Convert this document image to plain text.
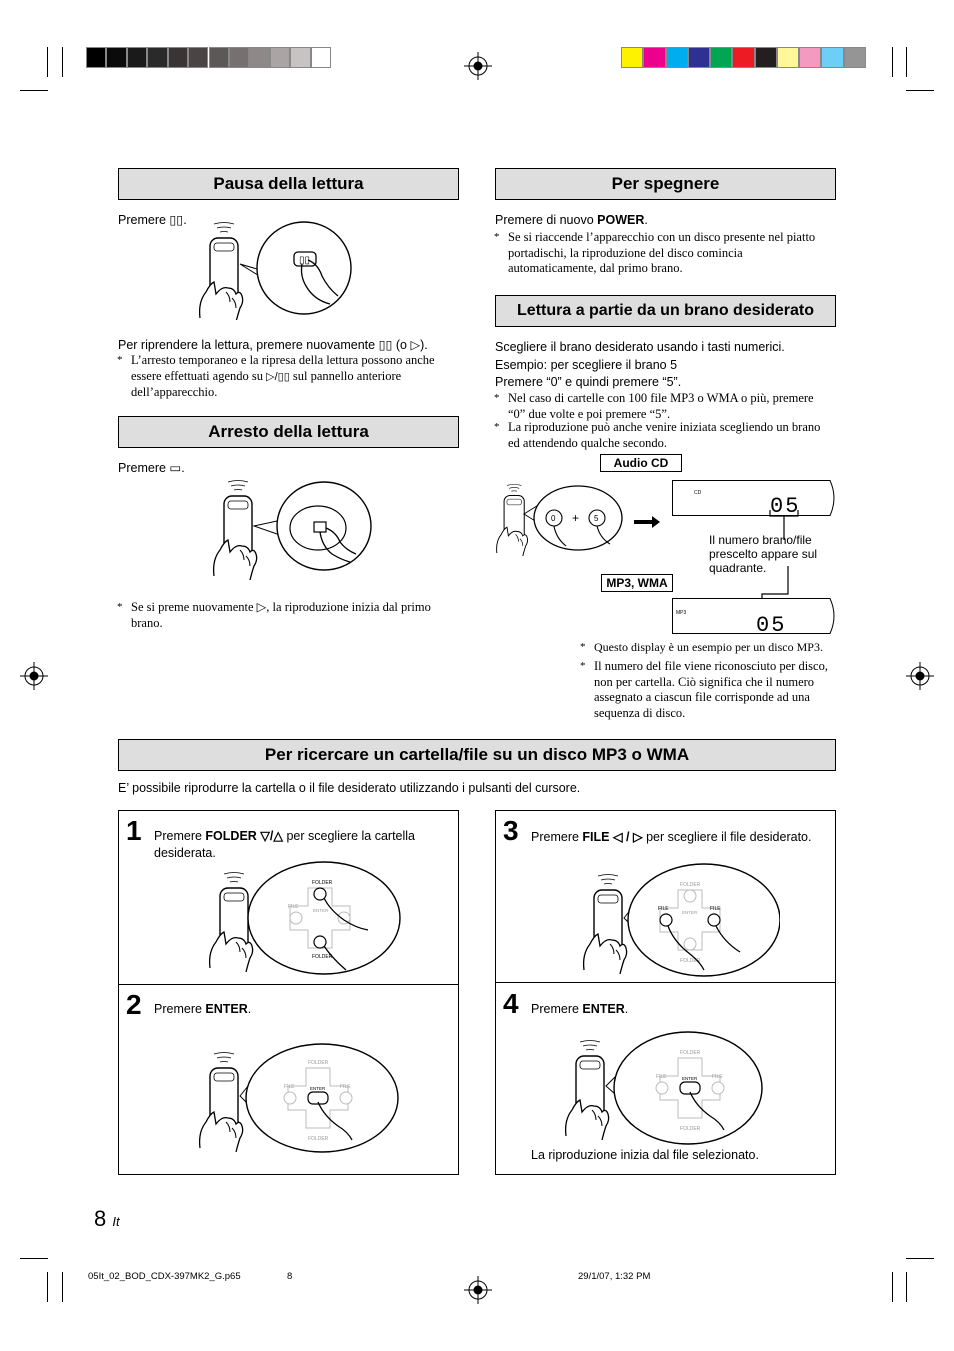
Pausa della lettura
Premere ▯▯.
▯▯
Per riprendere la lettura, premere nuovamente ▯▯ (o ▷).
* L’arresto temporaneo e la ripresa della lettura possono anche essere effettuati agendo su ▷/▯▯ sul pannello anteriore dell’apparecchio.
Arresto della lettura
Premere ▭.
* Se si preme nuovamente ▷, la riproduzione inizia dal primo brano.
Per spegnere
Premere di nuovo POWER.
* Se si riaccende l’apparecchio con un disco presente nel piatto portadischi, la riproduzione del disco comincia automaticamente, dal primo brano.
Lettura a partie da un brano desiderato
Scegliere il brano desiderato usando i tasti numerici.
Esempio: per scegliere il brano 5
Premere “0” e quindi premere “5”.
* Nel caso di cartelle con 100 file MP3 o WMA o più, premere “0” due volte e poi premere “5”.
* La riproduzione può anche venire iniziata scegliendo un brano ed attendendo qualche secondo.
Audio CD
0 + 5
CD
05
Il numero brano/file prescelto appare sul quadrante.
MP3, WMA
MP3	05
* Questo display è un esempio per un disco MP3.
* Il numero del file viene riconosciuto per disco, non per cartella. Ciò significa che il numero assegnato a ciascun file corrisponde ad una sequenza di disco.
Per ricercare un cartella/file su un disco MP3 o WMA
E’ possibile riprodurre la cartella o il file desiderato utilizzando i pulsanti del cursore.
1 Premere FOLDER ▽/△ per scegliere la cartella desiderata.
2 Premere ENTER.
3 Premere FILE ◁ / ▷ per scegliere il file desiderato.
4 Premere ENTER.
La riproduzione inizia dal file selezionato.
FOLDER
FOLDER
FILE
ENTER
FOLDER
FOLDER
FILE	FILE
ENTER
FOLDER
FOLDER
FILE	FILE
ENTER
FOLDER
FOLDER
FILE	FILE
ENTER
8 It
05It_02_BOD_CDX-397MK2_G.p65	8	29/1/07, 1:32 PM
